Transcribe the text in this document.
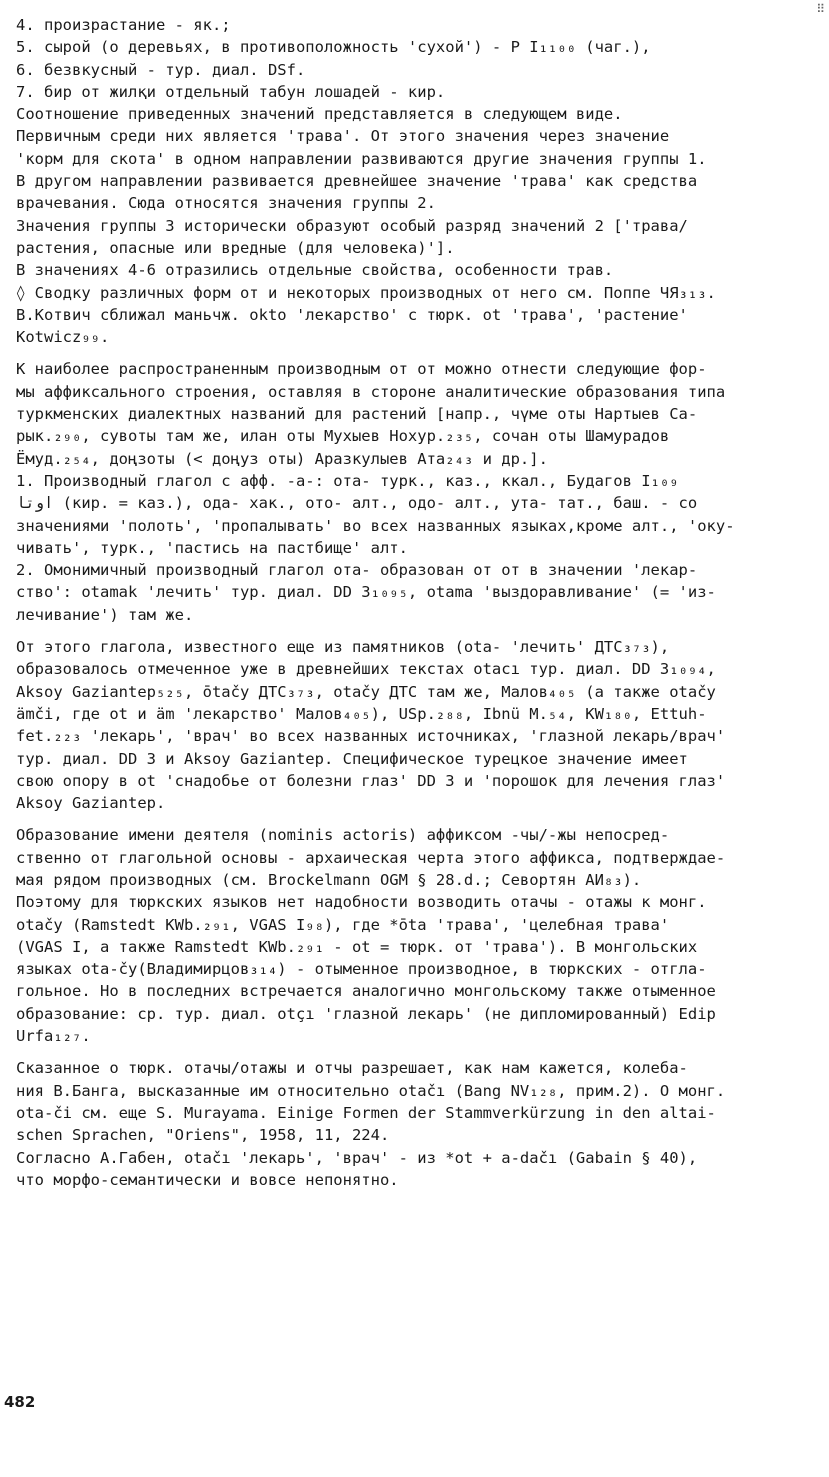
⠿
4. произрастание - як.;
5. сырой (о деревьях, в противоположность 'сухой') - Р I₁₁₀₀ (чаг.),
6. безвкусный - тур. диал. DSf.
7. бир от жилқи отдельный табун лошадей - кир.
Соотношение приведенных значений представляется в следующем виде.
Первичным среди них является 'трава'. От этого значения через значение
'корм для скота' в одном направлении развиваются другие значения группы 1.
В другом направлении развивается древнейшее значение 'трава' как средства
врачевания. Сюда относятся значения группы 2.
Значения группы 3 исторически образуют особый разряд значений 2 ['трава/
растения, опасные или вредные (для человека)'].
В значениях 4-6 отразились отдельные свойства, особенности трав.
◊ Сводку различных форм от и некоторых производных от него см. Поппе ЧЯ₃₁₃.
В.Котвич сближал маньчж. okto 'лекарство' с тюрк. ot 'трава', 'растение'
Kotwicz₉₉.
К наиболее распространенным производным от от можно отнести следующие фор-
мы аффиксального строения, оставляя в стороне аналитические образования типа
туркменских диалектных названий для растений [напр., чүме оты Нартыев Са-
рык.₂₉₀, сувоты там же, илан оты Мухыев Нохур.₂₃₅, сочан оты Шамурадов
Ёмуд.₂₅₄, доңзоты (< доңуз оты) Аразкулыев Ата₂₄₃ и др.].
1. Производный глагол с афф. -а-: ота- турк., каз., ккал., Будагов I₁₀₉
اوتا (кир. = каз.), ода- хак., ото- алт., одо- алт., ута- тат., баш. - со
значениями 'полоть', 'пропалывать' во всех названных языках,кроме алт., 'оку-
чивать', турк., 'пастись на пастбище' алт.
2. Омонимичный производный глагол ота- образован от от в значении 'лекар-
ство': otamak 'лечить' тур. диал. DD 3₁₀₉₅, otama 'выздоравливание' (= 'из-
лечивание') там же.
От этого глагола, известного еще из памятников (ota- 'лечить' ДТС₃₇₃),
образовалось отмеченное уже в древнейших текстах otacı тур. диал. DD 3₁₀₉₄,
Aksoy Gaziantep₅₂₅, ōtačy ДТС₃₇₃, otačy ДТС там же, Малов₄₀₅ (а также otačy
ämči, где ot и äm 'лекарство' Малов₄₀₅), USp.₂₈₈, Ibnü M.₅₄, KW₁₈₀, Ettuh-
fet.₂₂₃ 'лекарь', 'врач' во всех названных источниках, 'глазной лекарь/врач'
тур. диал. DD 3 и Aksoy Gaziantep. Специфическое турецкое значение имеет
свою опору в ot 'снадобье от болезни глаз' DD 3 и 'порошок для лечения глаз'
Aksoy Gaziantep.
Образование имени деятеля (nominis actoris) аффиксом -чы/-жы непосред-
ственно от глагольной основы - архаическая черта этого аффикса, подтверждае-
мая рядом производных (см. Brockelmann OGM § 28.d.; Севортян АИ₈₃).
Поэтому для тюркских языков нет надобности возводить отачы - отажы к монг.
otačy (Ramstedt KWb.₂₉₁, VGAS I₉₈), где *ōta 'трава', 'целебная трава'
(VGAS I, а также Ramstedt KWb.₂₉₁ - ot = тюрк. от 'трава'). В монгольских
языках ota-čy(Владимирцов₃₁₄) - отыменное производное, в тюркских - отгла-
гольное. Но в последних встречается аналогично монгольскому также отыменное
образование: ср. тур. диал. otçı 'глазной лекарь' (не дипломированный) Edip
Urfa₁₂₇.
Сказанное о тюрк. отачы/отажы и отчы разрешает, как нам кажется, колеба-
ния В.Банга, высказанные им относительно otačı (Bang NV₁₂₈, прим.2). О монг.
ota-či см. еще S. Murayama. Einige Formen der Stammverkürzung in den altai-
schen Sprachen, "Oriens", 1958, 11, 224.
Согласно А.Габен, otačı 'лекарь', 'врач' - из *ot + a-dačı (Gabain § 40),
что морфо-семантически и вовсе непонятно.
482
